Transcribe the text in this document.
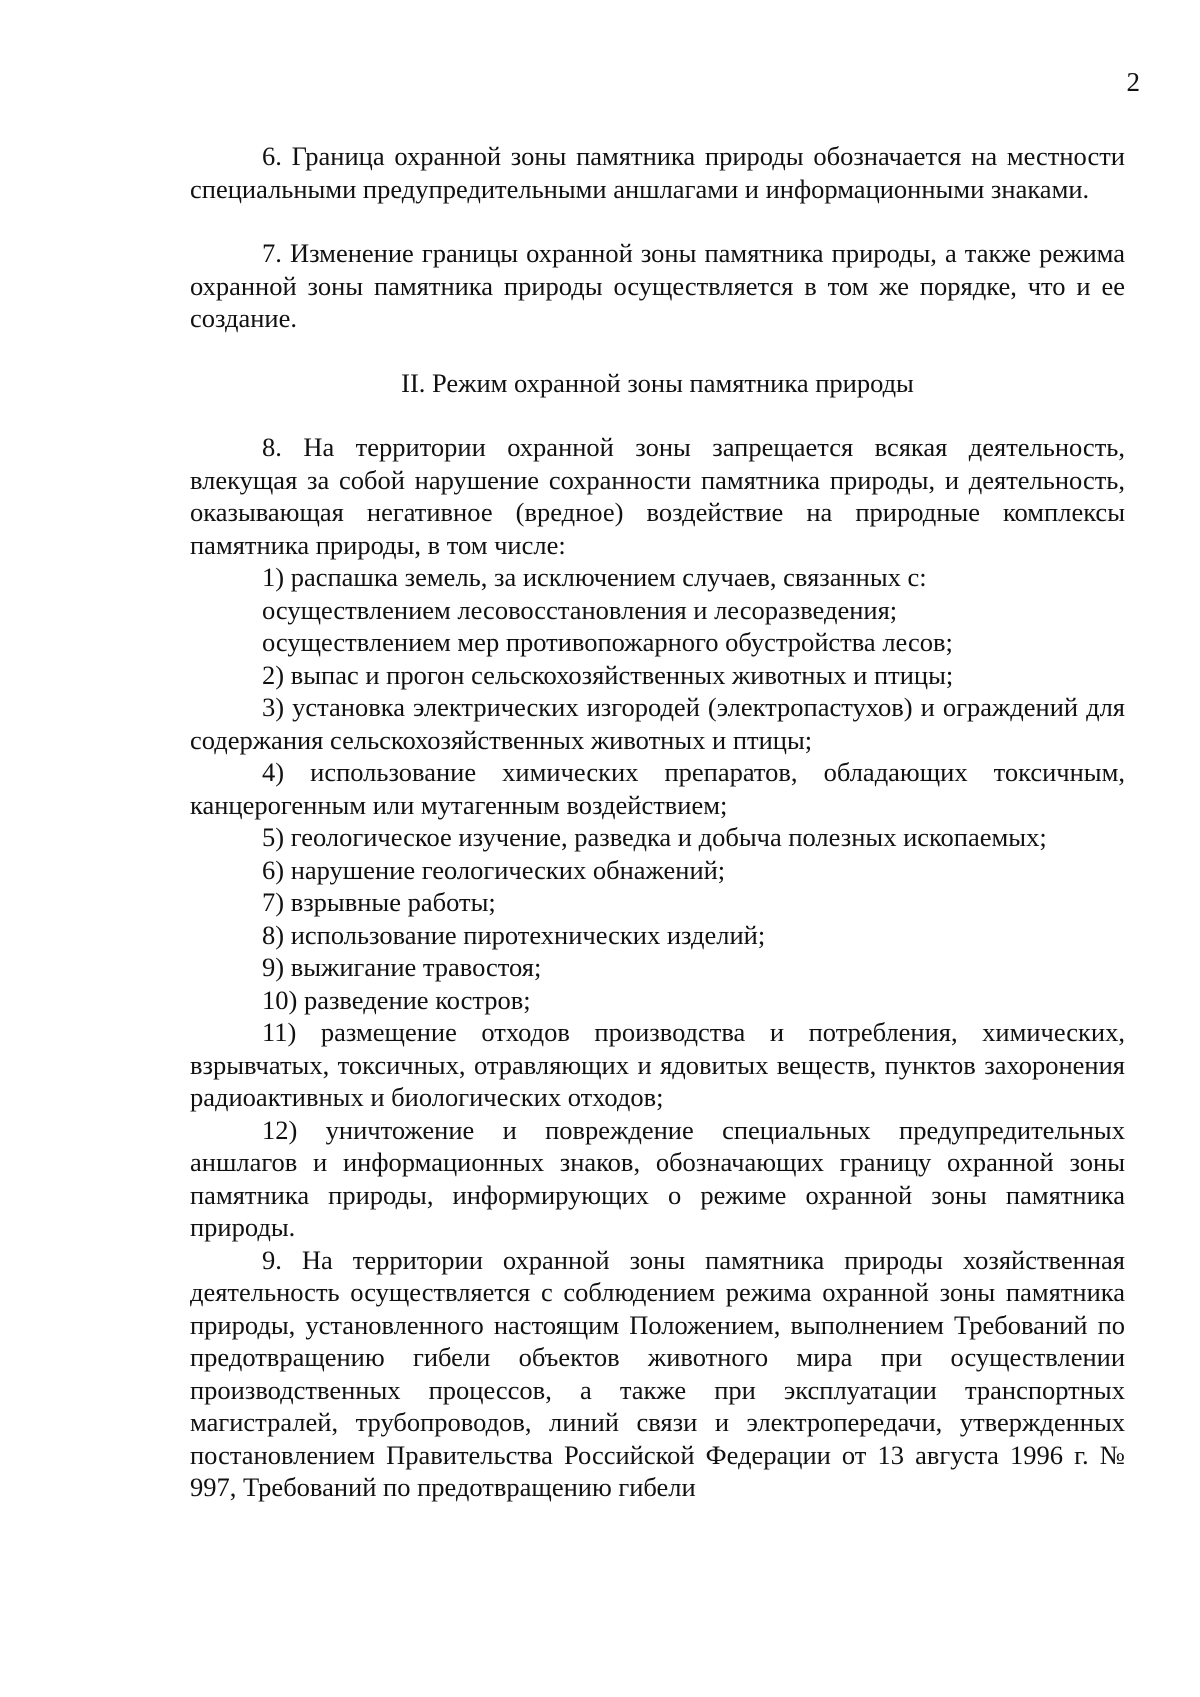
2

6. Граница охранной зоны памятника природы обозначается на местности специальными предупредительными аншлагами и информационными знаками.

7. Изменение границы охранной зоны памятника природы, а также режима охранной зоны памятника природы осуществляется в том же порядке, что и ее создание.

II. Режим охранной зоны памятника природы

8. На территории охранной зоны запрещается всякая деятельность, влекущая за собой нарушение сохранности памятника природы, и деятельность, оказывающая негативное (вредное) воздействие на природные комплексы памятника природы, в том числе:

1) распашка земель, за исключением случаев, связанных с:

осуществлением лесовосстановления и лесоразведения;

осуществлением мер противопожарного обустройства лесов;

2) выпас и прогон сельскохозяйственных животных и птицы;

3) установка электрических изгородей (электропастухов) и ограждений для содержания сельскохозяйственных животных и птицы;

4) использование химических препаратов, обладающих токсичным, канцерогенным или мутагенным воздействием;

5) геологическое изучение, разведка и добыча полезных ископаемых;

6) нарушение геологических обнажений;

7) взрывные работы;

8) использование пиротехнических изделий;

9) выжигание травостоя;

10) разведение костров;

11) размещение отходов производства и потребления, химических, взрывчатых, токсичных, отравляющих и ядовитых веществ, пунктов захоронения радиоактивных и биологических отходов;

12) уничтожение и повреждение специальных предупредительных аншлагов и информационных знаков, обозначающих границу охранной зоны памятника природы, информирующих о режиме охранной зоны памятника природы.

9. На территории охранной зоны памятника природы хозяйственная деятельность осуществляется с соблюдением режима охранной зоны памятника природы, установленного настоящим Положением, выполнением Требований по предотвращению гибели объектов животного мира при осуществлении производственных процессов, а также при эксплуатации транспортных магистралей, трубопроводов, линий связи и электропередачи, утвержденных постановлением Правительства Российской Федерации от 13 августа 1996 г. № 997, Требований по предотвращению гибели
